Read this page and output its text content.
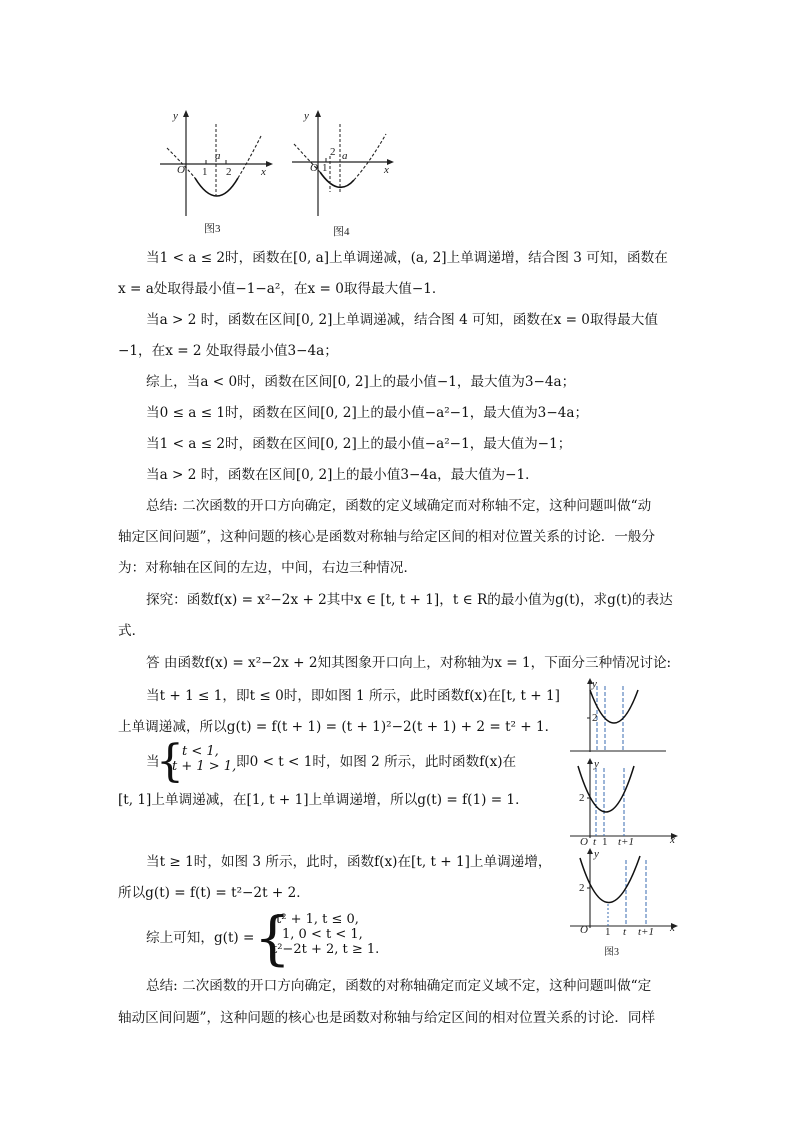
y
x
O 1 2
a
图3
y
x
O 1
2 a
图4
当1 < a ≤ 2时，函数在[0, a]上单调递减，(a, 2]上单调递增，结合图 3 可知，函数在
x = a处取得最小值−1−a²，在x = 0取得最大值−1．
当a > 2 时，函数在区间[0, 2]上单调递减，结合图 4 可知，函数在x = 0取得最大值
−1，在x = 2 处取得最小值3−4a；
综上，当a < 0时，函数在区间[0, 2]上的最小值−1，最大值为3−4a；
当0 ≤ a ≤ 1时，函数在区间[0, 2]上的最小值−a²−1，最大值为3−4a；
当1 < a ≤ 2时，函数在区间[0, 2]上的最小值−a²−1，最大值为−1；
当a > 2 时，函数在区间[0, 2]上的最小值3−4a，最大值为−1．
总结: 二次函数的开口方向确定，函数的定义域确定而对称轴不定，这种问题叫做“动
轴定区间问题”，这种问题的核心是函数对称轴与给定区间的相对位置关系的讨论．一般分
为：对称轴在区间的左边，中间，右边三种情况．
探究：函数f(x) = x²−2x + 2其中x ∈ [t, t + 1]，t ∈ R的最小值为g(t)，求g(t)的表达
式．
答 由函数f(x) = x²−2x + 2知其图象开口向上，对称轴为x = 1，下面分三种情况讨论:
当t + 1 ≤ 1，即t ≤ 0时，即如图 1 所示，此时函数f(x)在[t, t + 1]
上单调递减，所以g(t) = f(t + 1) = (t + 1)²−2(t + 1) + 2 = t² + 1．
当
{
t < 1,
t + 1 > 1, 即0 < t < 1时，如图 2 所示，此时函数f(x)在
[t, 1]上单调递减，在[1, t + 1]上单调递增，所以g(t) = f(1) = 1．
当t ≥ 1时，如图 3 所示，此时，函数f(x)在[t, t + 1]上单调递增，
所以g(t) = f(t) = t²−2t + 2．
综上可知，g(t) = {
t² + 1, t ≤ 0,
1, 0 < t < 1,
t²−2t + 2, t ≥ 1.
总结: 二次函数的开口方向确定，函数的对称轴确定而定义域不定，这种问题叫做“定
轴动区间问题”，这种问题的核心也是函数对称轴与给定区间的相对位置关系的讨论．同样
y
2
y
2
O t 1 t+1	x
y
2
O 1 t t+1 x
图3
